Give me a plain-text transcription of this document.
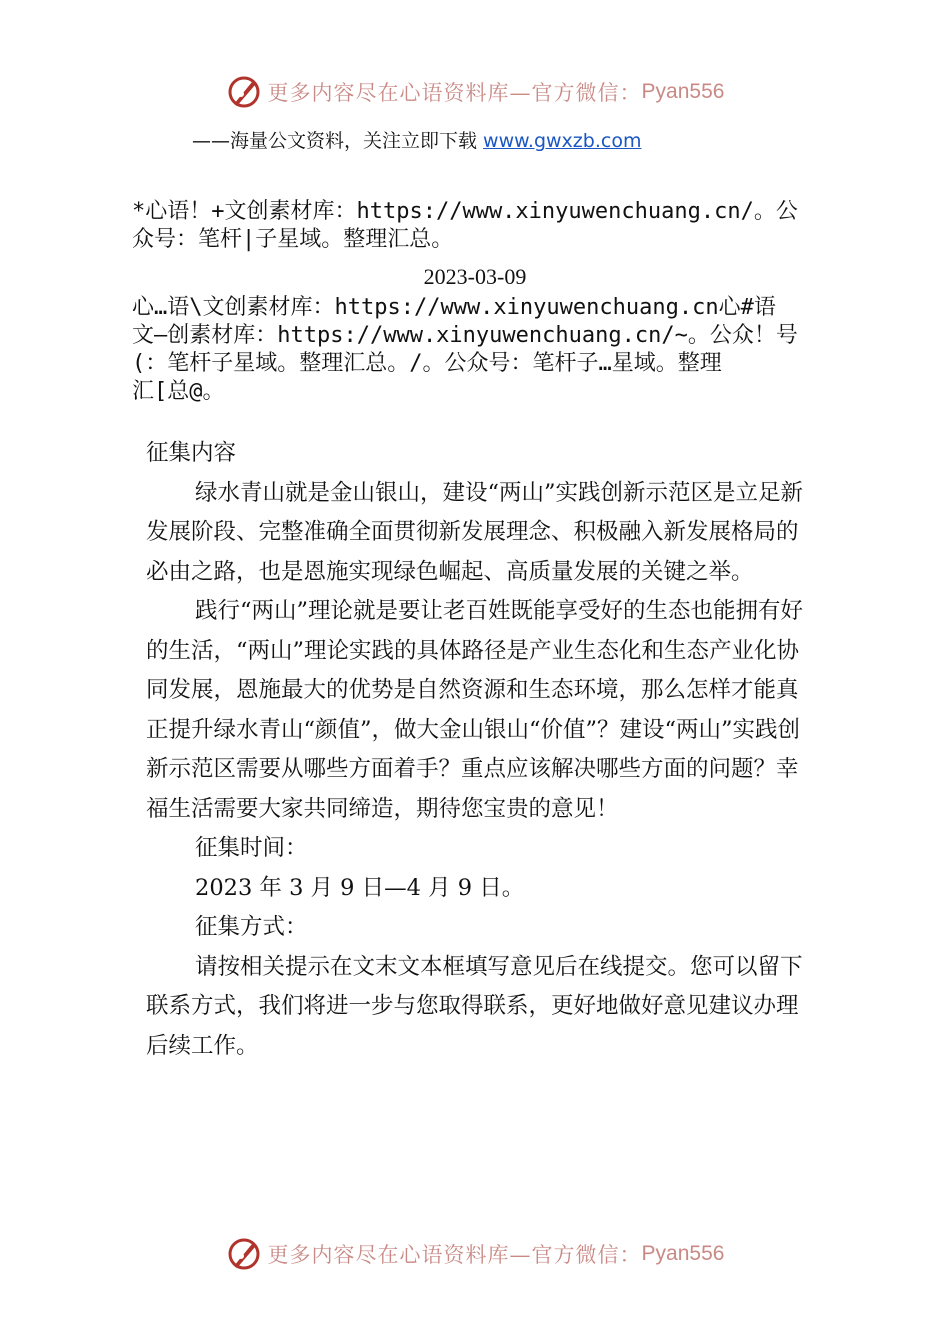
更多内容尽在心语资料库—官方微信： Pyan556
——海量公文资料，关注立即下载 www.gwxzb.com
*心语！+文创素材库：https://www.xinyuwenchuang.cn/。公
众号：笔杆|子星域。整理汇总。
2023-03-09
心…语\文创素材库：https://www.xinyuwenchuang.cn心#语
文—创素材库：https://www.xinyuwenchuang.cn/~。公众！号
(：笔杆子星域。整理汇总。/。公众号：笔杆子…星域。整理
汇[总@。

征集内容

绿水青山就是金山银山，建设“两山”实践创新示范区是立足新发展阶段、完整准确全面贯彻新发展理念、积极融入新发展格局的必由之路，也是恩施实现绿色崛起、高质量发展的关键之举。

践行“两山”理论就是要让老百姓既能享受好的生态也能拥有好的生活，“两山”理论实践的具体路径是产业生态化和生态产业化协同发展，恩施最大的优势是自然资源和生态环境，那么怎样才能真正提升绿水青山“颜值”，做大金山银山“价值”？建设“两山”实践创新示范区需要从哪些方面着手？重点应该解决哪些方面的问题？幸福生活需要大家共同缔造，期待您宝贵的意见！

征集时间：

2023 年 3 月 9 日—4 月 9 日。

征集方式：

请按相关提示在文末文本框填写意见后在线提交。您可以留下联系方式，我们将进一步与您取得联系，更好地做好意见建议办理后续工作。

更多内容尽在心语资料库—官方微信： Pyan556
